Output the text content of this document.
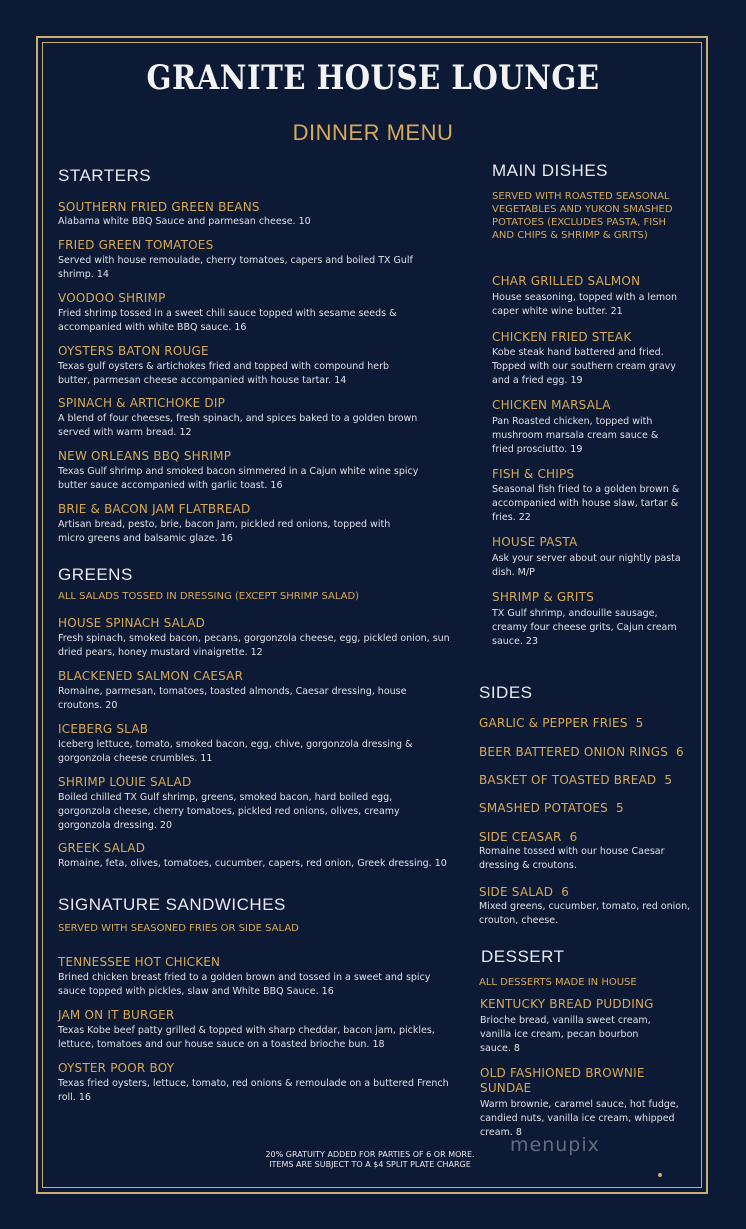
GRANITE HOUSE LOUNGE
DINNER MENU
STARTERS
SOUTHERN FRIED GREEN BEANS
Alabama white BBQ Sauce and parmesan cheese. 10
FRIED GREEN TOMATOES
Served with house remoulade, cherry tomatoes, capers and boiled TX Gulf shrimp. 14
VOODOO SHRIMP
Fried shrimp tossed in a sweet chili sauce topped with sesame seeds & accompanied with white BBQ sauce. 16
OYSTERS BATON ROUGE
Texas gulf oysters & artichokes fried and topped with compound herb butter, parmesan cheese accompanied with house tartar. 14
SPINACH & ARTICHOKE DIP
A blend of four cheeses, fresh spinach, and spices baked to a golden brown served with warm bread. 12
NEW ORLEANS BBQ SHRIMP
Texas Gulf shrimp and smoked bacon simmered in a Cajun white wine spicy butter sauce accompanied with garlic toast. 16
BRIE & BACON JAM FLATBREAD
Artisan bread, pesto, brie, bacon Jam, pickled red onions, topped with micro greens and balsamic glaze. 16
GREENS
ALL SALADS TOSSED IN DRESSING (EXCEPT SHRIMP SALAD)
HOUSE SPINACH SALAD
Fresh spinach, smoked bacon, pecans, gorgonzola cheese, egg, pickled onion, sun dried pears, honey mustard vinaigrette. 12
BLACKENED SALMON CAESAR
Romaine, parmesan, tomatoes, toasted almonds, Caesar dressing, house croutons. 20
ICEBERG SLAB
Iceberg lettuce, tomato, smoked bacon, egg, chive, gorgonzola dressing & gorgonzola cheese crumbles. 11
SHRIMP LOUIE SALAD
Boiled chilled TX Gulf shrimp, greens, smoked bacon, hard boiled egg, gorgonzola cheese, cherry tomatoes, pickled red onions, olives, creamy gorgonzola dressing. 20
GREEK SALAD
Romaine, feta, olives, tomatoes, cucumber, capers, red onion, Greek dressing. 10
SIGNATURE SANDWICHES
SERVED WITH SEASONED FRIES OR SIDE SALAD
TENNESSEE HOT CHICKEN
Brined chicken breast fried to a golden brown and tossed in a sweet and spicy sauce topped with pickles, slaw and White BBQ Sauce. 16
JAM ON IT BURGER
Texas Kobe beef patty grilled & topped with sharp cheddar, bacon jam, pickles, lettuce, tomatoes and our house sauce on a toasted brioche bun. 18
OYSTER POOR BOY
Texas fried oysters, lettuce, tomato, red onions & remoulade on a buttered French roll. 16
MAIN DISHES
SERVED WITH ROASTED SEASONAL VEGETABLES AND YUKON SMASHED POTATOES (EXCLUDES PASTA, FISH AND CHIPS & SHRIMP & GRITS)
CHAR GRILLED SALMON
House seasoning, topped with a lemon caper white wine butter. 21
CHICKEN FRIED STEAK
Kobe steak hand battered and fried. Topped with our southern cream gravy and a fried egg. 19
CHICKEN MARSALA
Pan Roasted chicken, topped with mushroom marsala cream sauce & fried prosciutto. 19
FISH & CHIPS
Seasonal fish fried to a golden brown & accompanied with house slaw, tartar & fries. 22
HOUSE PASTA
Ask your server about our nightly pasta dish. M/P
SHRIMP & GRITS
TX Gulf shrimp, andouille sausage, creamy four cheese grits, Cajun cream sauce. 23
SIDES
GARLIC & PEPPER FRIES 5
BEER BATTERED ONION RINGS 6
BASKET OF TOASTED BREAD 5
SMASHED POTATOES 5
SIDE CEASAR 6
Romaine tossed with our house Caesar dressing & croutons.
SIDE SALAD 6
Mixed greens, cucumber, tomato, red onion, crouton, cheese.
DESSERT
ALL DESSERTS MADE IN HOUSE
KENTUCKY BREAD PUDDING
Brioche bread, vanilla sweet cream, vanilla ice cream, pecan bourbon sauce. 8
OLD FASHIONED BROWNIE SUNDAE
Warm brownie, caramel sauce, hot fudge, candied nuts, vanilla ice cream, whipped cream. 8
20% GRATUITY ADDED FOR PARTIES OF 6 OR MORE.
ITEMS ARE SUBJECT TO A $4 SPLIT PLATE CHARGE
menupix
